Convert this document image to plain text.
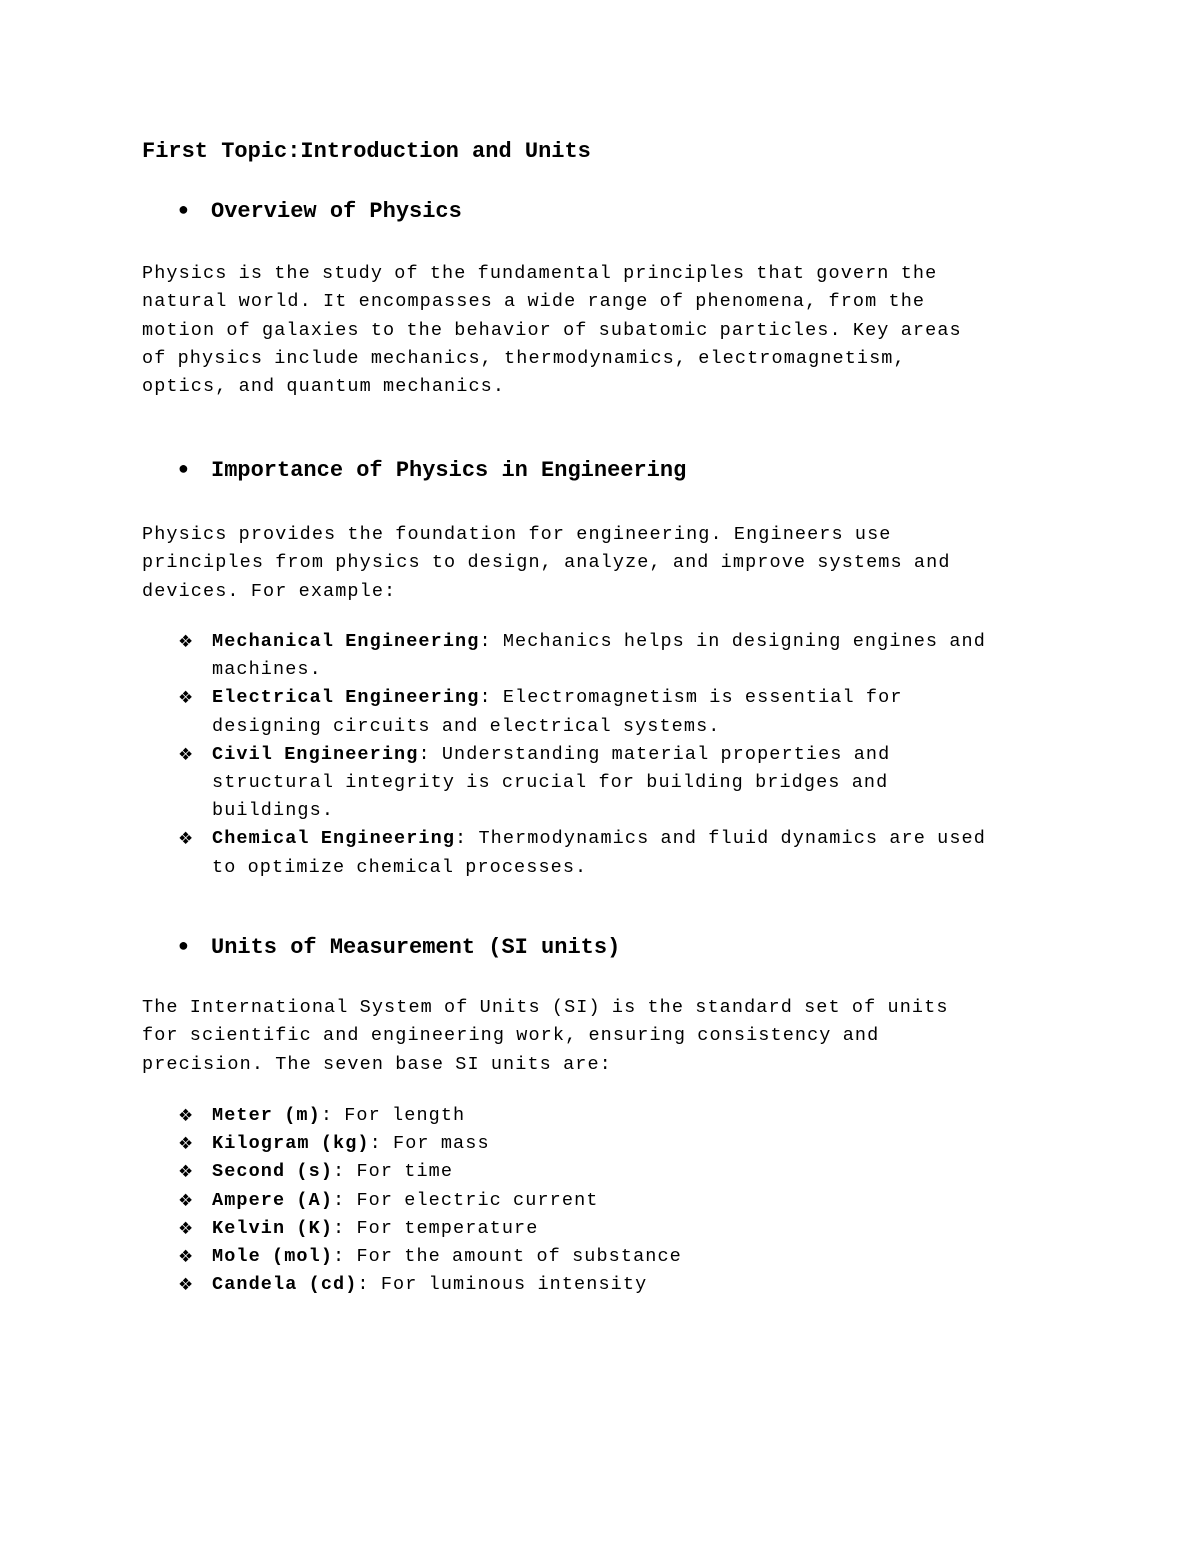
First Topic:Introduction and Units
● Overview of Physics

Physics is the study of the fundamental principles that govern the
natural world. It encompasses a wide range of phenomena, from the
motion of galaxies to the behavior of subatomic particles. Key areas
of physics include mechanics, thermodynamics, electromagnetism,
optics, and quantum mechanics.

● Importance of Physics in Engineering

Physics provides the foundation for engineering. Engineers use
principles from physics to design, analyze, and improve systems and
devices. For example:

❖ Mechanical Engineering: Mechanics helps in designing engines and
machines.
❖ Electrical Engineering: Electromagnetism is essential for
designing circuits and electrical systems.
❖ Civil Engineering: Understanding material properties and
structural integrity is crucial for building bridges and
buildings.
❖ Chemical Engineering: Thermodynamics and fluid dynamics are used
to optimize chemical processes.
● Units of Measurement (SI units)

The International System of Units (SI) is the standard set of units
for scientific and engineering work, ensuring consistency and
precision. The seven base SI units are:

❖ Meter (m): For length
❖ Kilogram (kg): For mass
❖ Second (s): For time
❖ Ampere (A): For electric current
❖ Kelvin (K): For temperature
❖ Mole (mol): For the amount of substance
❖ Candela (cd): For luminous intensity
